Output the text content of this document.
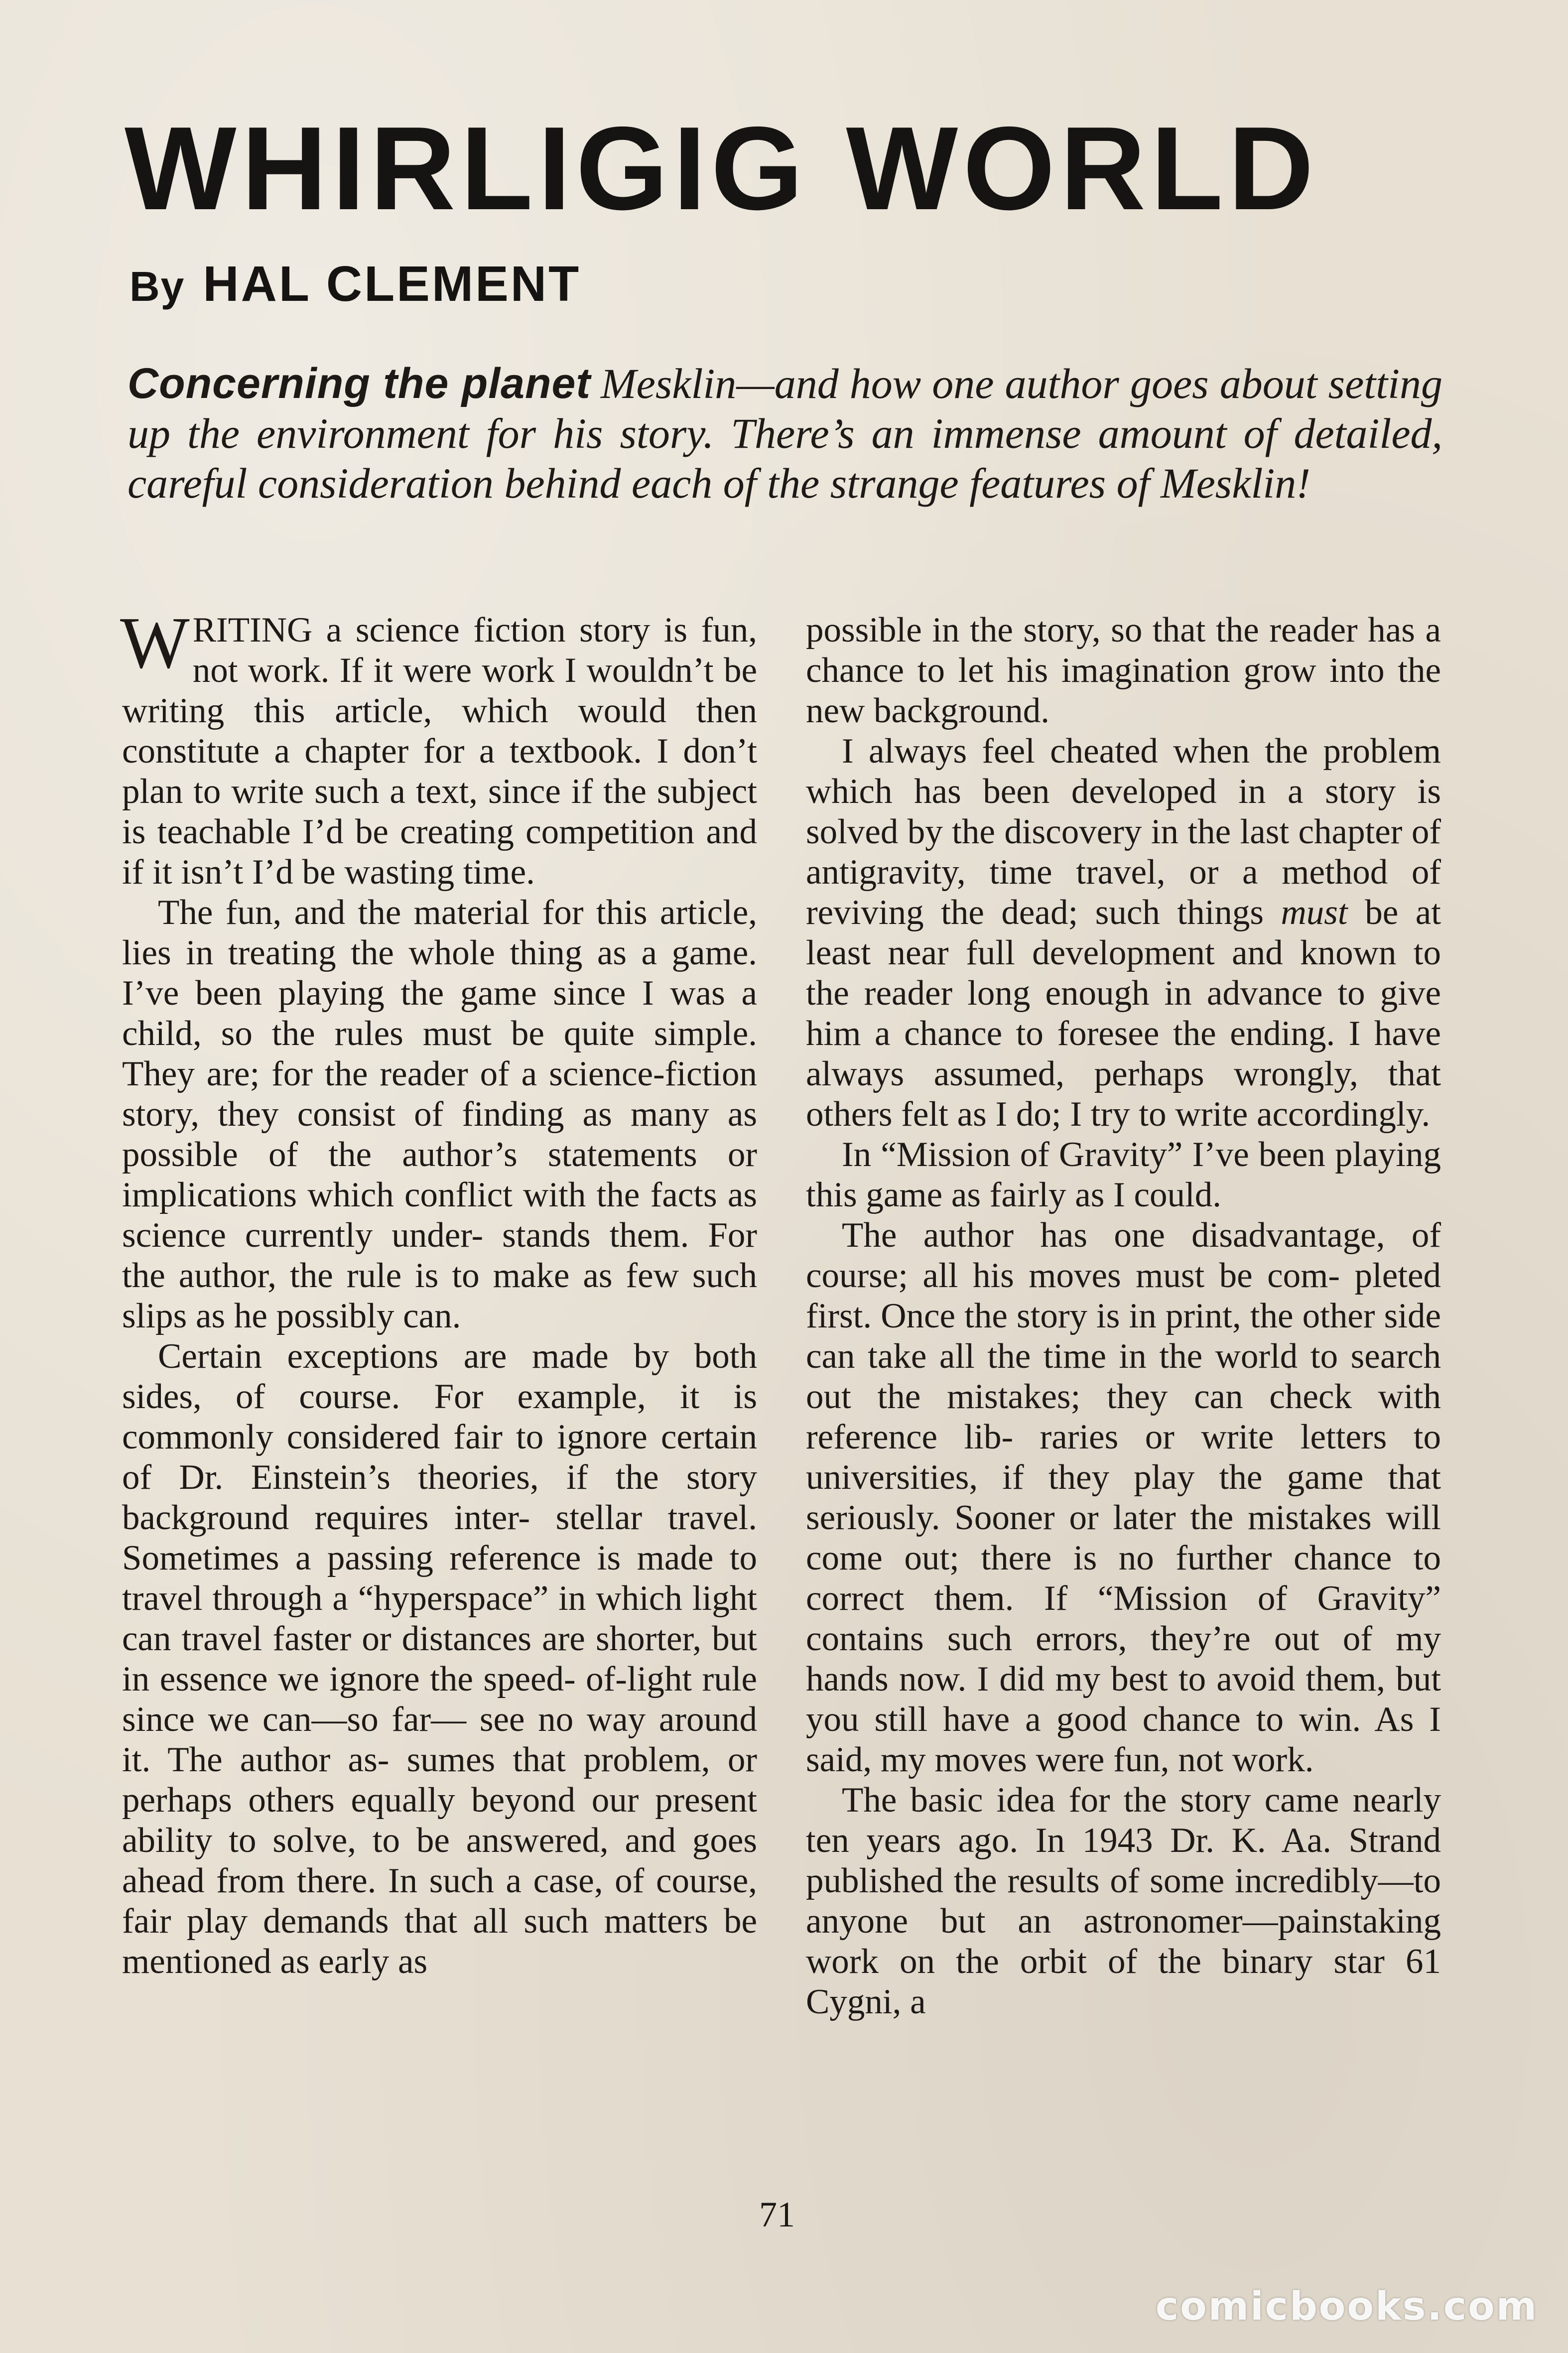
WHIRLIGIG WORLD
By HAL CLEMENT
Concerning the planet Mesklin—and how one author goes about setting up the environment for his story. There’s an immense amount of detailed, careful consideration behind each of the strange features of Mesklin!

WRITING a science fiction story is fun, not work. If it were work I wouldn’t be writing this article, which would then constitute a chapter for a textbook. I don’t plan to write such a text, since if the subject is teachable I’d be creating competition and if it isn’t I’d be wasting time.

The fun, and the material for this article, lies in treating the whole thing as a game. I’ve been playing the game since I was a child, so the rules must be quite simple. They are; for the reader of a science-fiction story, they consist of finding as many as possible of the author’s statements or implications which conflict with the facts as science currently under- stands them. For the author, the rule is to make as few such slips as he possibly can.

Certain exceptions are made by both sides, of course. For example, it is commonly considered fair to ignore certain of Dr. Einstein’s theories, if the story background requires inter- stellar travel. Sometimes a passing reference is made to travel through a “hyperspace” in which light can travel faster or distances are shorter, but in essence we ignore the speed- of-light rule since we can—so far— see no way around it. The author as- sumes that problem, or perhaps others equally beyond our present ability to solve, to be answered, and goes ahead from there. In such a case, of course, fair play demands that all such matters be mentioned as early as

possible in the story, so that the reader has a chance to let his imagination grow into the new background.

I always feel cheated when the problem which has been developed in a story is solved by the discovery in the last chapter of antigravity, time travel, or a method of reviving the dead; such things must be at least near full development and known to the reader long enough in advance to give him a chance to foresee the ending. I have always assumed, perhaps wrongly, that others felt as I do; I try to write accordingly.

In “Mission of Gravity” I’ve been playing this game as fairly as I could.

The author has one disadvantage, of course; all his moves must be com- pleted first. Once the story is in print, the other side can take all the time in the world to search out the mistakes; they can check with reference lib- raries or write letters to universities, if they play the game that seriously. Sooner or later the mistakes will come out; there is no further chance to correct them. If “Mission of Gravity” contains such errors, they’re out of my hands now. I did my best to avoid them, but you still have a good chance to win. As I said, my moves were fun, not work.

The basic idea for the story came nearly ten years ago. In 1943 Dr. K. Aa. Strand published the results of some incredibly—to anyone but an astronomer—painstaking work on the orbit of the binary star 61 Cygni, a

71
comicbooks.com
